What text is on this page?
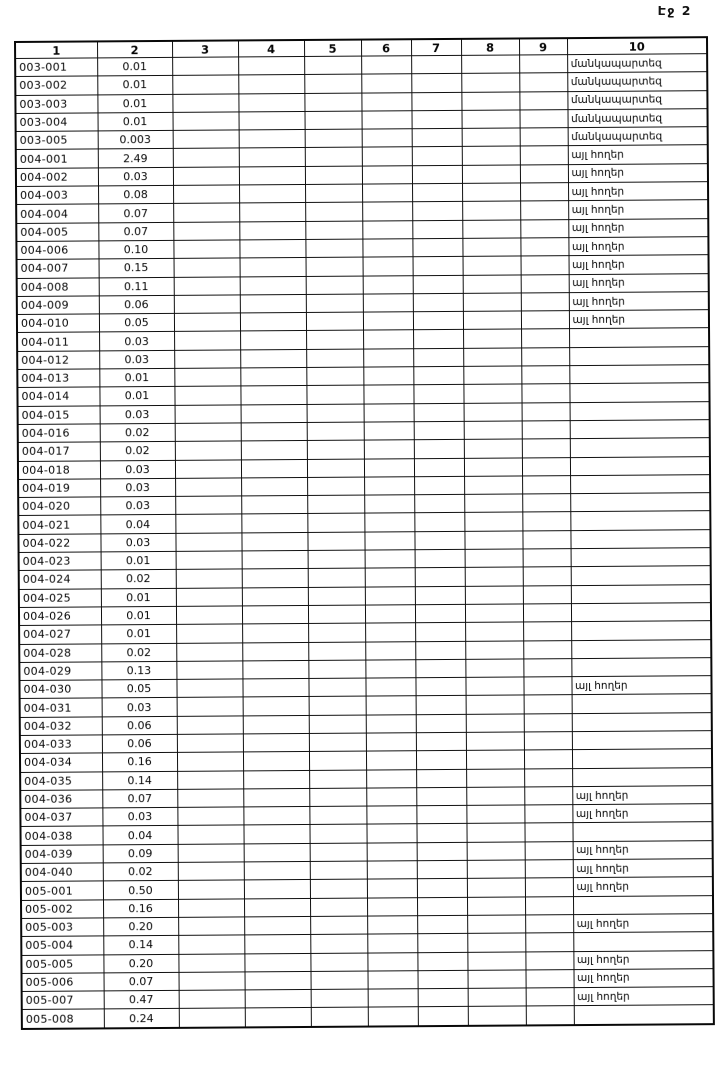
Էջ 2
1	2	3	4	5	6	7	8	9	10
003-001	0.01								մանկապարտեզ
003-002	0.01								մանկապարտեզ
003-003	0.01								մանկապարտեզ
003-004	0.01								մանկապարտեզ
003-005	0.003								մանկապարտեզ
004-001	2.49								այլ հողեր
004-002	0.03								այլ հողեր
004-003	0.08								այլ հողեր
004-004	0.07								այլ հողեր
004-005	0.07								այլ հողեր
004-006	0.10								այլ հողեր
004-007	0.15								այլ հողեր
004-008	0.11								այլ հողեր
004-009	0.06								այլ հողեր
004-010	0.05								այլ հողեր
004-011	0.03								
004-012	0.03								
004-013	0.01								
004-014	0.01								
004-015	0.03								
004-016	0.02								
004-017	0.02								
004-018	0.03								
004-019	0.03								
004-020	0.03								
004-021	0.04								
004-022	0.03								
004-023	0.01								
004-024	0.02								
004-025	0.01								
004-026	0.01								
004-027	0.01								
004-028	0.02								
004-029	0.13								
004-030	0.05								այլ հողեր
004-031	0.03								
004-032	0.06								
004-033	0.06								
004-034	0.16								
004-035	0.14								
004-036	0.07								այլ հողեր
004-037	0.03								այլ հողեր
004-038	0.04								
004-039	0.09								այլ հողեր
004-040	0.02								այլ հողեր
005-001	0.50								այլ հողեր
005-002	0.16								
005-003	0.20								այլ հողեր
005-004	0.14								
005-005	0.20								այլ հողեր
005-006	0.07								այլ հողեր
005-007	0.47								այլ հողեր
005-008	0.24								
